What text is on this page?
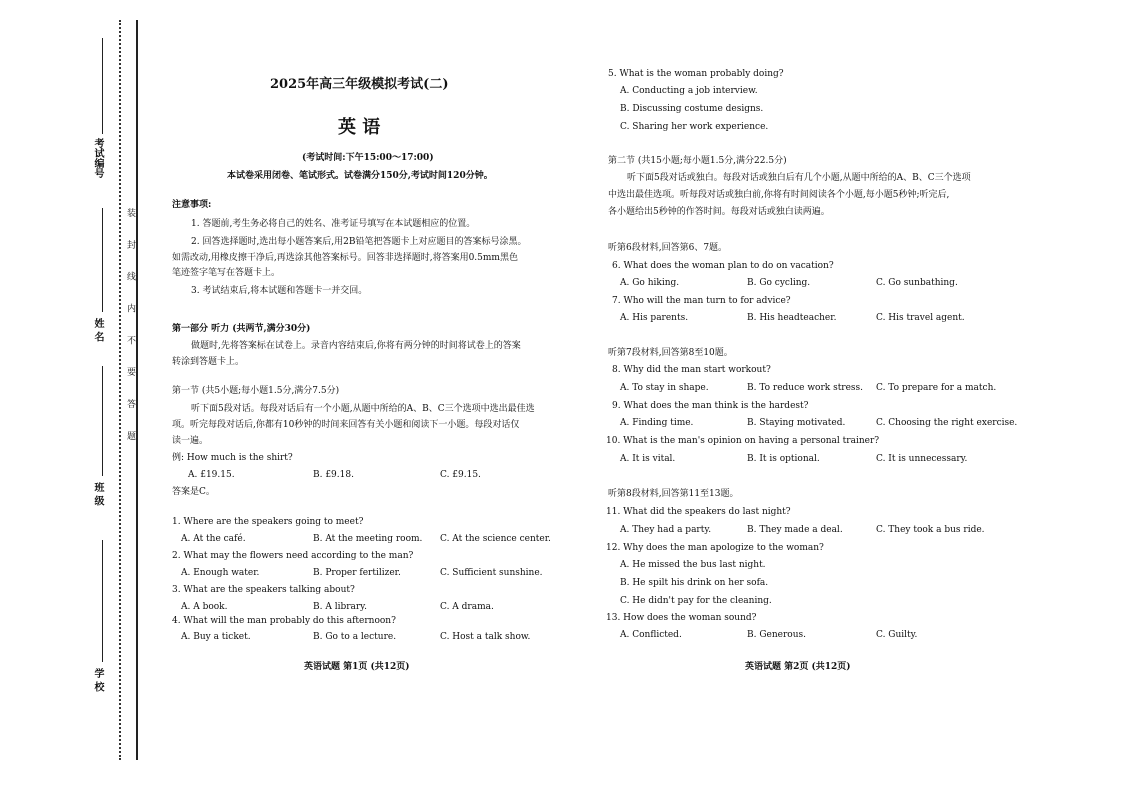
考试编号
姓 名
班 级
学 校
装 封 线 内 不 要 答 题
2025年高三年级模拟考试(二)
英 语
(考试时间:下午15:00～17:00)
本试卷采用闭卷、笔试形式。试卷满分150分,考试时间120分钟。
注意事项:
1. 答题前,考生务必将自己的姓名、准考证号填写在本试题相应的位置。
2. 回答选择题时,选出每小题答案后,用2B铅笔把答题卡上对应题目的答案标号涂黑。
如需改动,用橡皮擦干净后,再选涂其他答案标号。回答非选择题时,将答案用0.5mm黑色
笔迹签字笔写在答题卡上。
3. 考试结束后,将本试题和答题卡一并交回。
第一部分 听力 (共两节,满分30分)
做题时,先将答案标在试卷上。录音内容结束后,你将有两分钟的时间将试卷上的答案
转涂到答题卡上。
第一节 (共5小题;每小题1.5分,满分7.5分)
听下面5段对话。每段对话后有一个小题,从题中所给的A、B、C三个选项中选出最佳选
项。听完每段对话后,你都有10秒钟的时间来回答有关小题和阅读下一小题。每段对话仅
读一遍。
例: How much is the shirt?
A. £19.15.	B. £9.18.	C. £9.15.
答案是C。
1. Where are the speakers going to meet?
A. At the café.	B. At the meeting room. C. At the science center.
2. What may the flowers need according to the man?
A. Enough water.	B. Proper fertilizer.	C. Sufficient sunshine.
3. What are the speakers talking about?
A. A book.	B. A library.	C. A drama.
4. What will the man probably do this afternoon?
A. Buy a ticket.	B. Go to a lecture.	C. Host a talk show.
英语试题 第1页 (共12页)
5. What is the woman probably doing?
A. Conducting a job interview.
B. Discussing costume designs.
C. Sharing her work experience.
第二节 (共15小题;每小题1.5分,满分22.5分)
听下面5段对话或独白。每段对话或独白后有几个小题,从题中所给的A、B、C三个选项
中选出最佳选项。听每段对话或独白前,你将有时间阅读各个小题,每小题5秒钟;听完后,
各小题给出5秒钟的作答时间。每段对话或独白读两遍。
听第6段材料,回答第6、7题。
6. What does the woman plan to do on vacation?
A. Go hiking.	B. Go cycling.	C. Go sunbathing.
7. Who will the man turn to for advice?
A. His parents.	B. His headteacher.	C. His travel agent.
听第7段材料,回答第8至10题。
8. Why did the man start workout?
A. To stay in shape.	B. To reduce work stress. C. To prepare for a match.
9. What does the man think is the hardest?
A. Finding time.	B. Staying motivated.	C. Choosing the right exercise.
10. What is the man's opinion on having a personal trainer?
A. It is vital.	B. It is optional.	C. It is unnecessary.
听第8段材料,回答第11至13题。
11. What did the speakers do last night?
A. They had a party.	B. They made a deal.	C. They took a bus ride.
12. Why does the man apologize to the woman?
A. He missed the bus last night.
B. He spilt his drink on her sofa.
C. He didn't pay for the cleaning.
13. How does the woman sound?
A. Conflicted.	B. Generous.	C. Guilty.
英语试题 第2页 (共12页)
